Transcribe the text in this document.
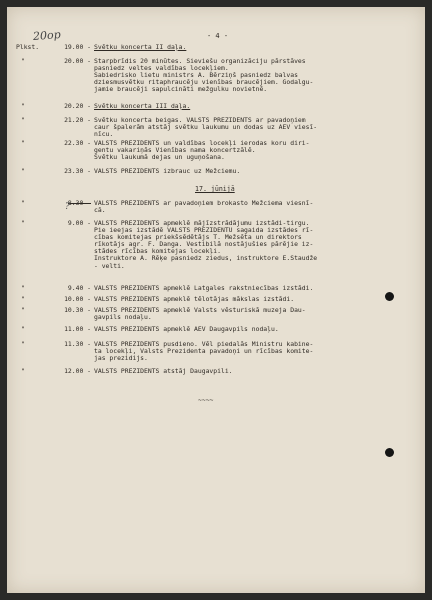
20op	- 4 -
Plkst.	19.00 - Svētku koncerta II daļa.
"	20.00 - Starpbrīdis 20 minūtes. Sieviešu organizāciju pārstāves
pasniedz veltes valdības locekļiem.
Sabiedrisko lietu ministrs A. Bērziņš pasniedz balvas
dziesmusvētku ritaphraucēju vienības braucējiem. Godalgu-
jamie braucēji sapulcināti mežgulku novietnē.
"	20.20 - Svētku koncerta III daļa.
"	21.20 - Svētku koncerta beigas. VALSTS PREZIDENTS ar pavadoņiem
caur špalerām atstāj svētku laukumu un dodas uz AEV viesī-
nīcu.
"	22.30 - VALSTS PREZIDENTS un valdības locekļi ierodas koru diri-
gentu vakariņās Vienības nama koncertzālē.
Svētku laukumā dejas un uguņošana.
"	23.30 - VALSTS PREZIDENTS izbrauc uz Mežciemu.
"	8.30 - VALSTS PREZIDENTS ar pavadoņiem brokasto Mežciema viesnī-
cā.
"	9.00 - VALSTS PREZIDENTS apmeklē mājīzstrādājumu izstādi-tirgu.
Pie ieejas izstādē VALSTS PREZIDENTU sagaida izstādes rī-
cības komitejas priekšsēdētājs T. Mežsēta un direktors
rīkotājs agr. F. Danga. Vestibilā nostājušies pārējie iz-
stādes rīcības komitejas locekļi.
Instruktore A. Rēķe pasniedz ziedus, instruktore E.Staudže
- velti.
"	9.40 - VALSTS PREZIDENTS apmeklē Latgales rakstniecības izstādi.
"	10.00 - VALSTS PREZIDENTS apmeklē tēlotājas mākslas izstādi.
"	10.30 - VALSTS PREZIDENTS apmeklē Valsts vēsturiskā muzeja Dau-
gavpils nodaļu.
"	11.00 - VALSTS PREZIDENTS apmeklē AEV Daugavpils nodaļu.
"	11.30 - VALSTS PREZIDENTS pusdieno. Vēl piedalās Ministru kabine-
ta locekļi, Valsts Prezidenta pavadoņi un rīcības komite-
jas prezidijs.
"	12.00 - VALSTS PREZIDENTS atstāj Daugavpili.
17. jūnijā
?
~~~~
